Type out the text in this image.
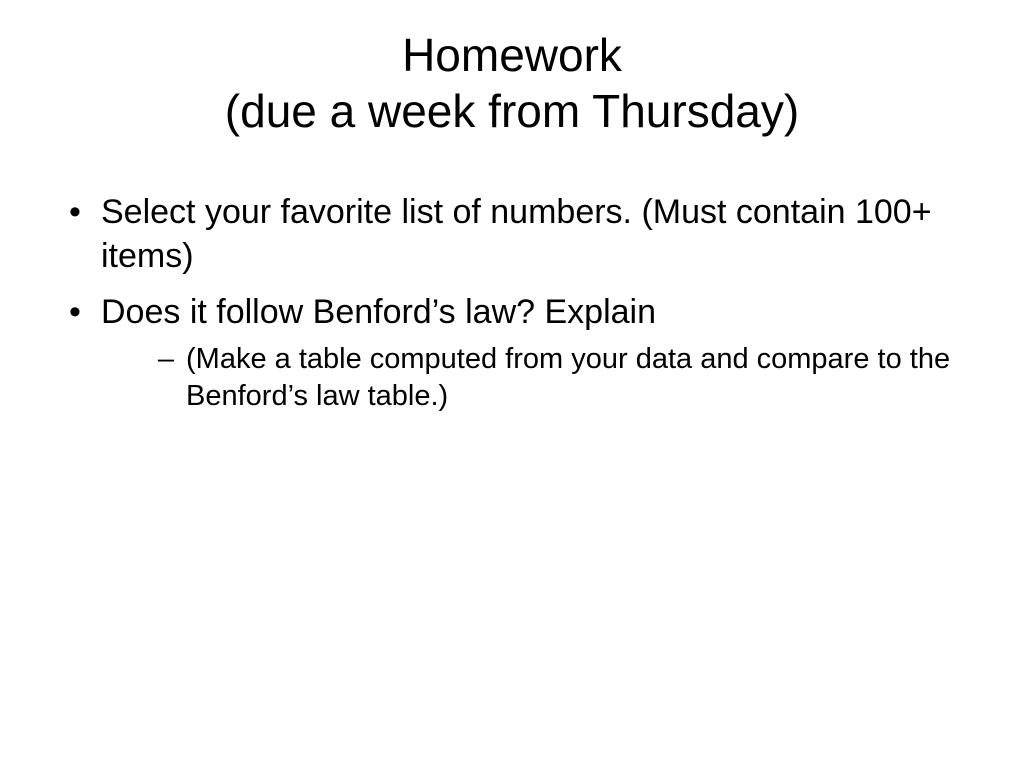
Homework
(due a week from Thursday)
• Select your favorite list of numbers. (Must contain 100+ items)
• Does it follow Benford’s law? Explain
– (Make a table computed from your data and compare to the Benford’s law table.)
